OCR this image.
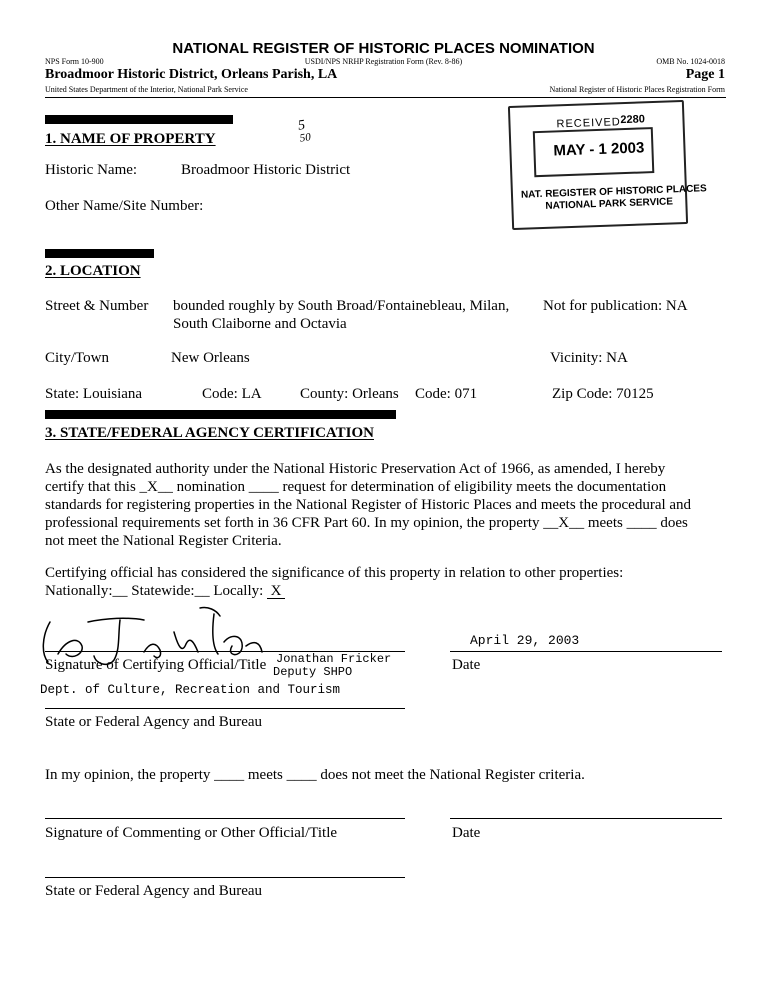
NATIONAL REGISTER OF HISTORIC PLACES NOMINATION
NPS Form 10-900	USDI/NPS NRHP Registration Form (Rev. 8-86)	OMB No. 1024-0018
Broadmoor Historic District, Orleans Parish, LA	Page 1
United States Department of the Interior, National Park Service	National Register of Historic Places Registration Form
5
50
RECEIVED 2280
MAY - 1 2003
NAT. REGISTER OF HISTORIC PLACES
NATIONAL PARK SERVICE
1. NAME OF PROPERTY
Historic Name:	Broadmoor Historic District
Other Name/Site Number:
2. LOCATION
Street & Number bounded roughly by South Broad/Fontainebleau, Milan,
South Claiborne and Octavia
Not for publication: NA
City/Town	New Orleans	Vicinity: NA
State: Louisiana	Code: LA	County: Orleans Code: 071	Zip Code: 70125
3. STATE/FEDERAL AGENCY CERTIFICATION
As the designated authority under the National Historic Preservation Act of 1966, as amended, I hereby
certify that this _X__ nomination ____ request for determination of eligibility meets the documentation
standards for registering properties in the National Register of Historic Places and meets the procedural and
professional requirements set forth in 36 CFR Part 60. In my opinion, the property __X__ meets ____ does
not meet the National Register Criteria.
Certifying official has considered the significance of this property in relation to other properties:
Nationally:__ Statewide:__ Locally: X
April 29, 2003
Signature of Certifying Official/Title Jonathan Fricker
Deputy SHPO	Date
Dept. of Culture, Recreation and Tourism
State or Federal Agency and Bureau
In my opinion, the property ____ meets ____ does not meet the National Register criteria.
Signature of Commenting or Other Official/Title	Date
State or Federal Agency and Bureau
